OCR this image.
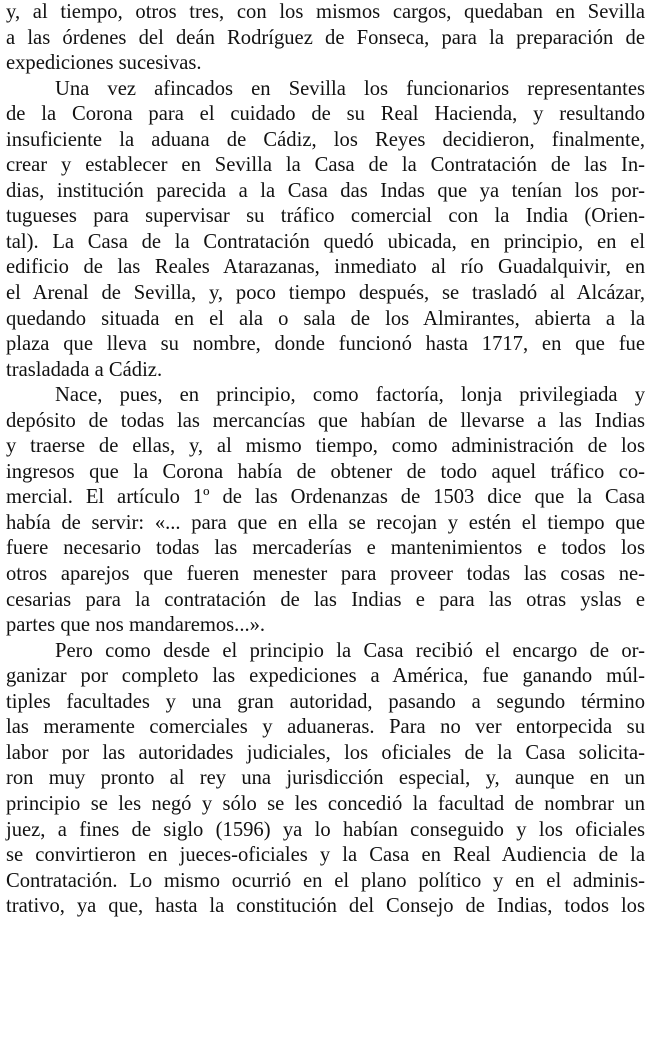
y, al tiempo, otros tres, con los mismos cargos, quedaban en Sevilla
a las órdenes del deán Rodríguez de Fonseca, para la preparación de
expediciones sucesivas.
Una vez afincados en Sevilla los funcionarios representantes
de la Corona para el cuidado de su Real Hacienda, y resultando
insuficiente la aduana de Cádiz, los Reyes decidieron, finalmente,
crear y establecer en Sevilla la Casa de la Contratación de las In-
dias, institución parecida a la Casa das Indas que ya tenían los por-
tugueses para supervisar su tráfico comercial con la India (Orien-
tal). La Casa de la Contratación quedó ubicada, en principio, en el
edificio de las Reales Atarazanas, inmediato al río Guadalquivir, en
el Arenal de Sevilla, y, poco tiempo después, se trasladó al Alcázar,
quedando situada en el ala o sala de los Almirantes, abierta a la
plaza que lleva su nombre, donde funcionó hasta 1717, en que fue
trasladada a Cádiz.
Nace, pues, en principio, como factoría, lonja privilegiada y
depósito de todas las mercancías que habían de llevarse a las Indias
y traerse de ellas, y, al mismo tiempo, como administración de los
ingresos que la Corona había de obtener de todo aquel tráfico co-
mercial. El artículo 1º de las Ordenanzas de 1503 dice que la Casa
había de servir: «... para que en ella se recojan y estén el tiempo que
fuere necesario todas las mercaderías e mantenimientos e todos los
otros aparejos que fueren menester para proveer todas las cosas ne-
cesarias para la contratación de las Indias e para las otras yslas e
partes que nos mandaremos...».
Pero como desde el principio la Casa recibió el encargo de or-
ganizar por completo las expediciones a América, fue ganando múl-
tiples facultades y una gran autoridad, pasando a segundo término
las meramente comerciales y aduaneras. Para no ver entorpecida su
labor por las autoridades judiciales, los oficiales de la Casa solicita-
ron muy pronto al rey una jurisdicción especial, y, aunque en un
principio se les negó y sólo se les concedió la facultad de nombrar un
juez, a fines de siglo (1596) ya lo habían conseguido y los oficiales
se convirtieron en jueces-oficiales y la Casa en Real Audiencia de la
Contratación. Lo mismo ocurrió en el plano político y en el adminis-
trativo, ya que, hasta la constitución del Consejo de Indias, todos los
